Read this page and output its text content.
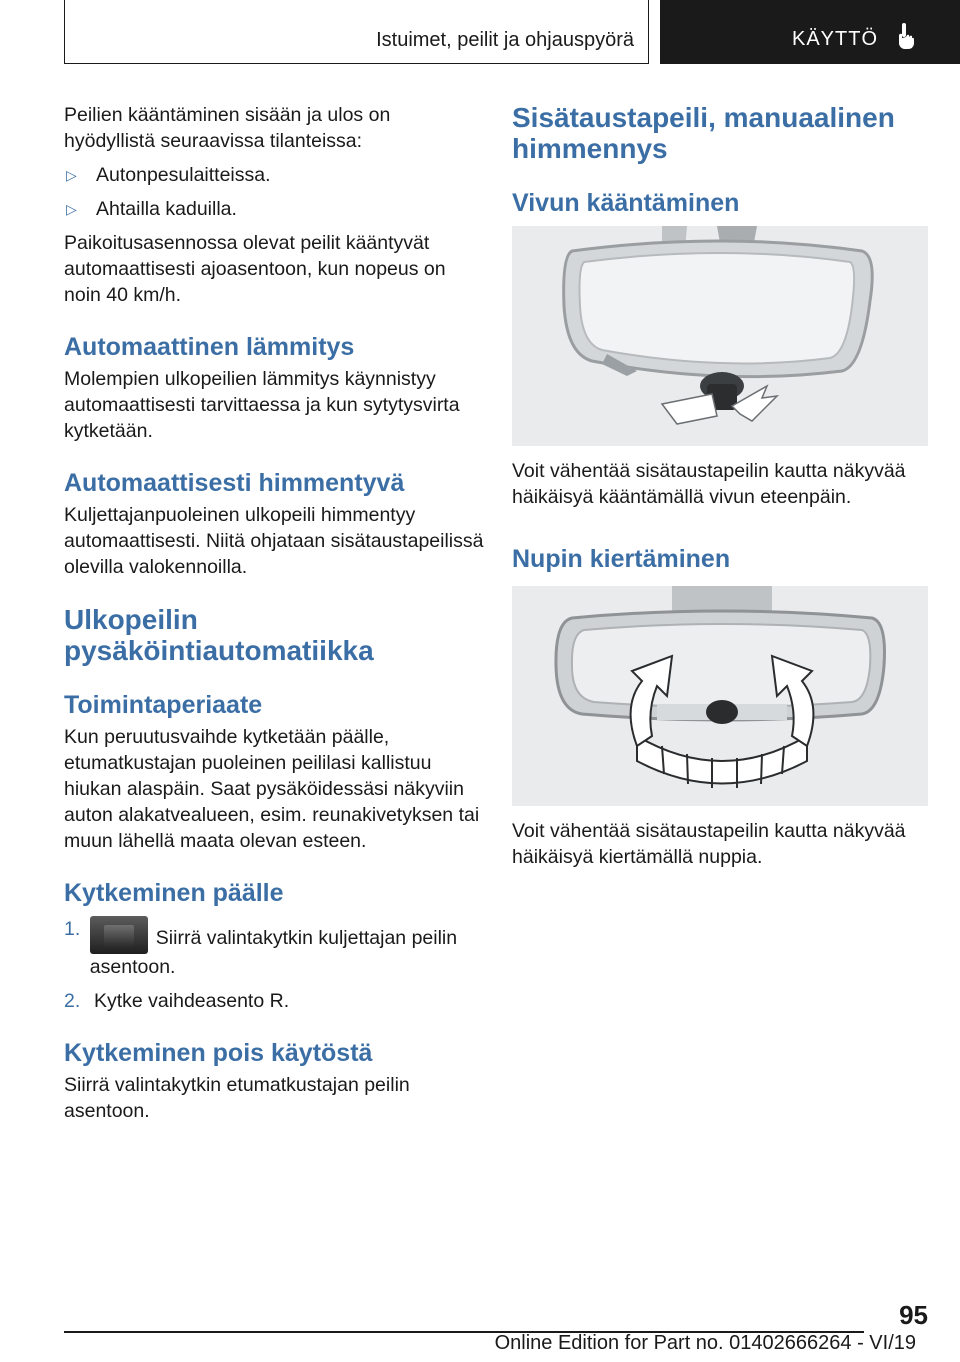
Istuimet, peilit ja ohjauspyörä	KÄYTTÖ

Peilien kääntäminen sisään ja ulos on hyödyllistä seuraavissa tilanteissa:

▷ Autonpesulaitteissa.
▷ Ahtailla kaduilla.

Paikoitusasennossa olevat peilit kääntyvät automaattisesti ajoasentoon, kun nopeus on noin 40 km/h.

Automaattinen lämmitys

Molempien ulkopeilien lämmitys käynnistyy automaattisesti tarvittaessa ja kun sytytysvirta kytketään.

Automaattisesti himmentyvä

Kuljettajanpuoleinen ulkopeili himmentyy automaattisesti. Niitä ohjataan sisätaustapeilissä olevilla valokennoilla.

Ulkopeilin pysäköintiautomatiikka
Toimintaperiaate

Kun peruutusvaihde kytketään päälle, etumatkustajan puoleinen peililasi kallistuu hiukan alaspäin. Saat pysäköidessäsi näkyviin auton alakatvealueen, esim. reunakivetyksen tai muun lähellä maata olevan esteen.

Kytkeminen päälle
1.	Siirrä valintakytkin kuljettajan peilin asentoon.
2. Kytke vaihdeasento R.
Kytkeminen pois käytöstä

Siirrä valintakytkin etumatkustajan peilin asentoon.

Sisätaustapeili, manuaalinen himmennys
Vivun kääntäminen

Voit vähentää sisätaustapeilin kautta näkyvää häikäisyä kääntämällä vivun eteenpäin.

Nupin kiertäminen

Voit vähentää sisätaustapeilin kautta näkyvää häikäisyä kiertämällä nuppia.

95
Online Edition for Part no. 01402666264 - VI/19
